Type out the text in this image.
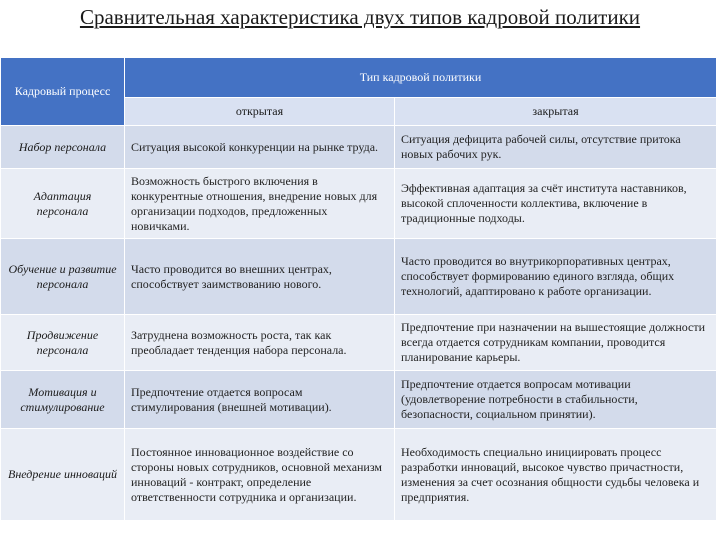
Сравнительная характеристика двух типов кадровой политики
Кадровый процесс	Тип кадровой политики	
	открытая	закрытая
Набор персонала	Ситуация высокой конкуренции на рынке труда.	Ситуация дефицита рабочей силы, отсутствие притока новых рабочих рук.
Адаптация персонала	Возможность быстрого включения в конкурентные отношения, внедрение новых для организации подходов, предложенных новичками.	Эффективная адаптация за счёт института наставников, высокой сплоченности коллектива, включение в традиционные подходы.
Обучение и развитие персонала	Часто проводится во внешних центрах, способствует заимствованию нового.	Часто проводится во внутрикорпоративных центрах, способствует формированию единого взгляда, общих технологий, адаптировано к работе организации.
Продвижение персонала	Затруднена возможность роста, так как преобладает тенденция набора персонала.	Предпочтение при назначении на вышестоящие должности всегда отдается сотрудникам компании, проводится планирование карьеры.
Мотивация и стимулирование	Предпочтение отдается вопросам стимулирования (внешней мотивации).	Предпочтение отдается вопросам мотивации (удовлетворение потребности в стабильности, безопасности, социальном принятии).
Внедрение инноваций	Постоянное инновационное воздействие со стороны новых сотрудников, основной механизм инноваций - контракт, определение ответственности сотрудника и организации.	Необходимость специально инициировать процесс разработки инноваций, высокое чувство причастности, изменения за счет осознания общности судьбы человека и предприятия.
